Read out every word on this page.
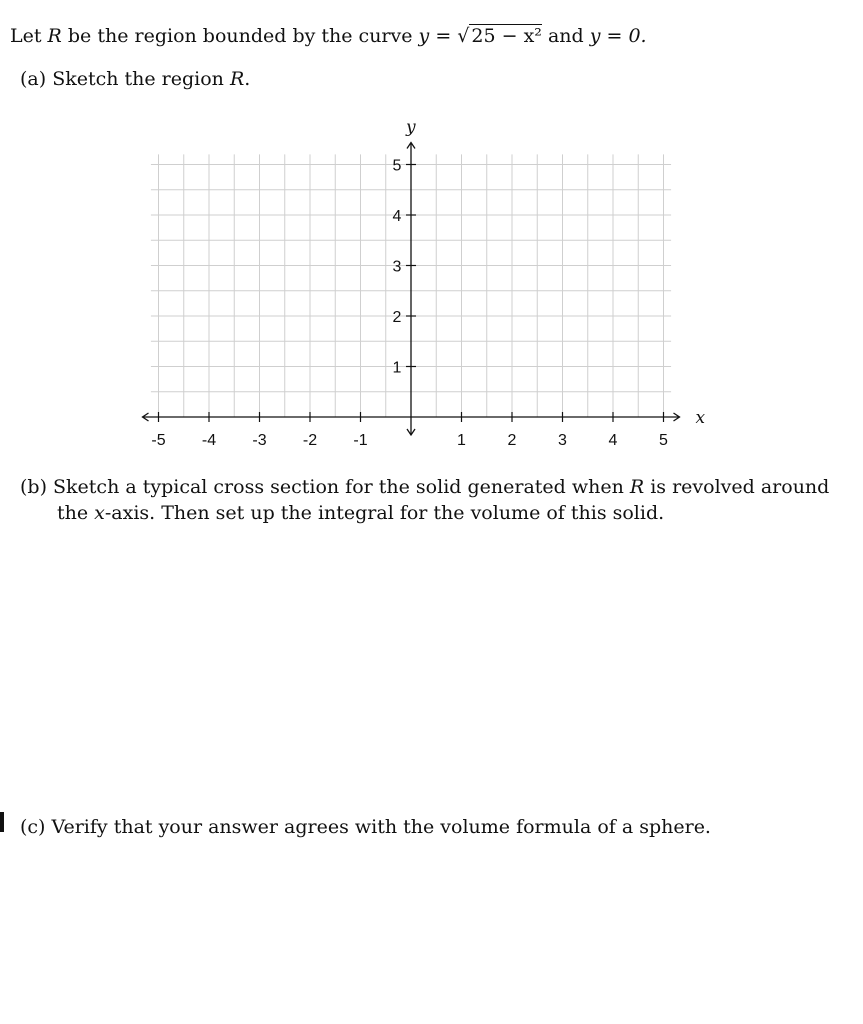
Let R be the region bounded by the curve y = √ 25 − x² and y = 0.
(a) Sketch the region R.
x
y
-5 -4 -3 -2 -1	1	2	3	4	5
1
2
3
4
5
(b) Sketch a typical cross section for the solid generated when R is revolved around
the x-axis. Then set up the integral for the volume of this solid.
(c) Verify that your answer agrees with the volume formula of a sphere.
